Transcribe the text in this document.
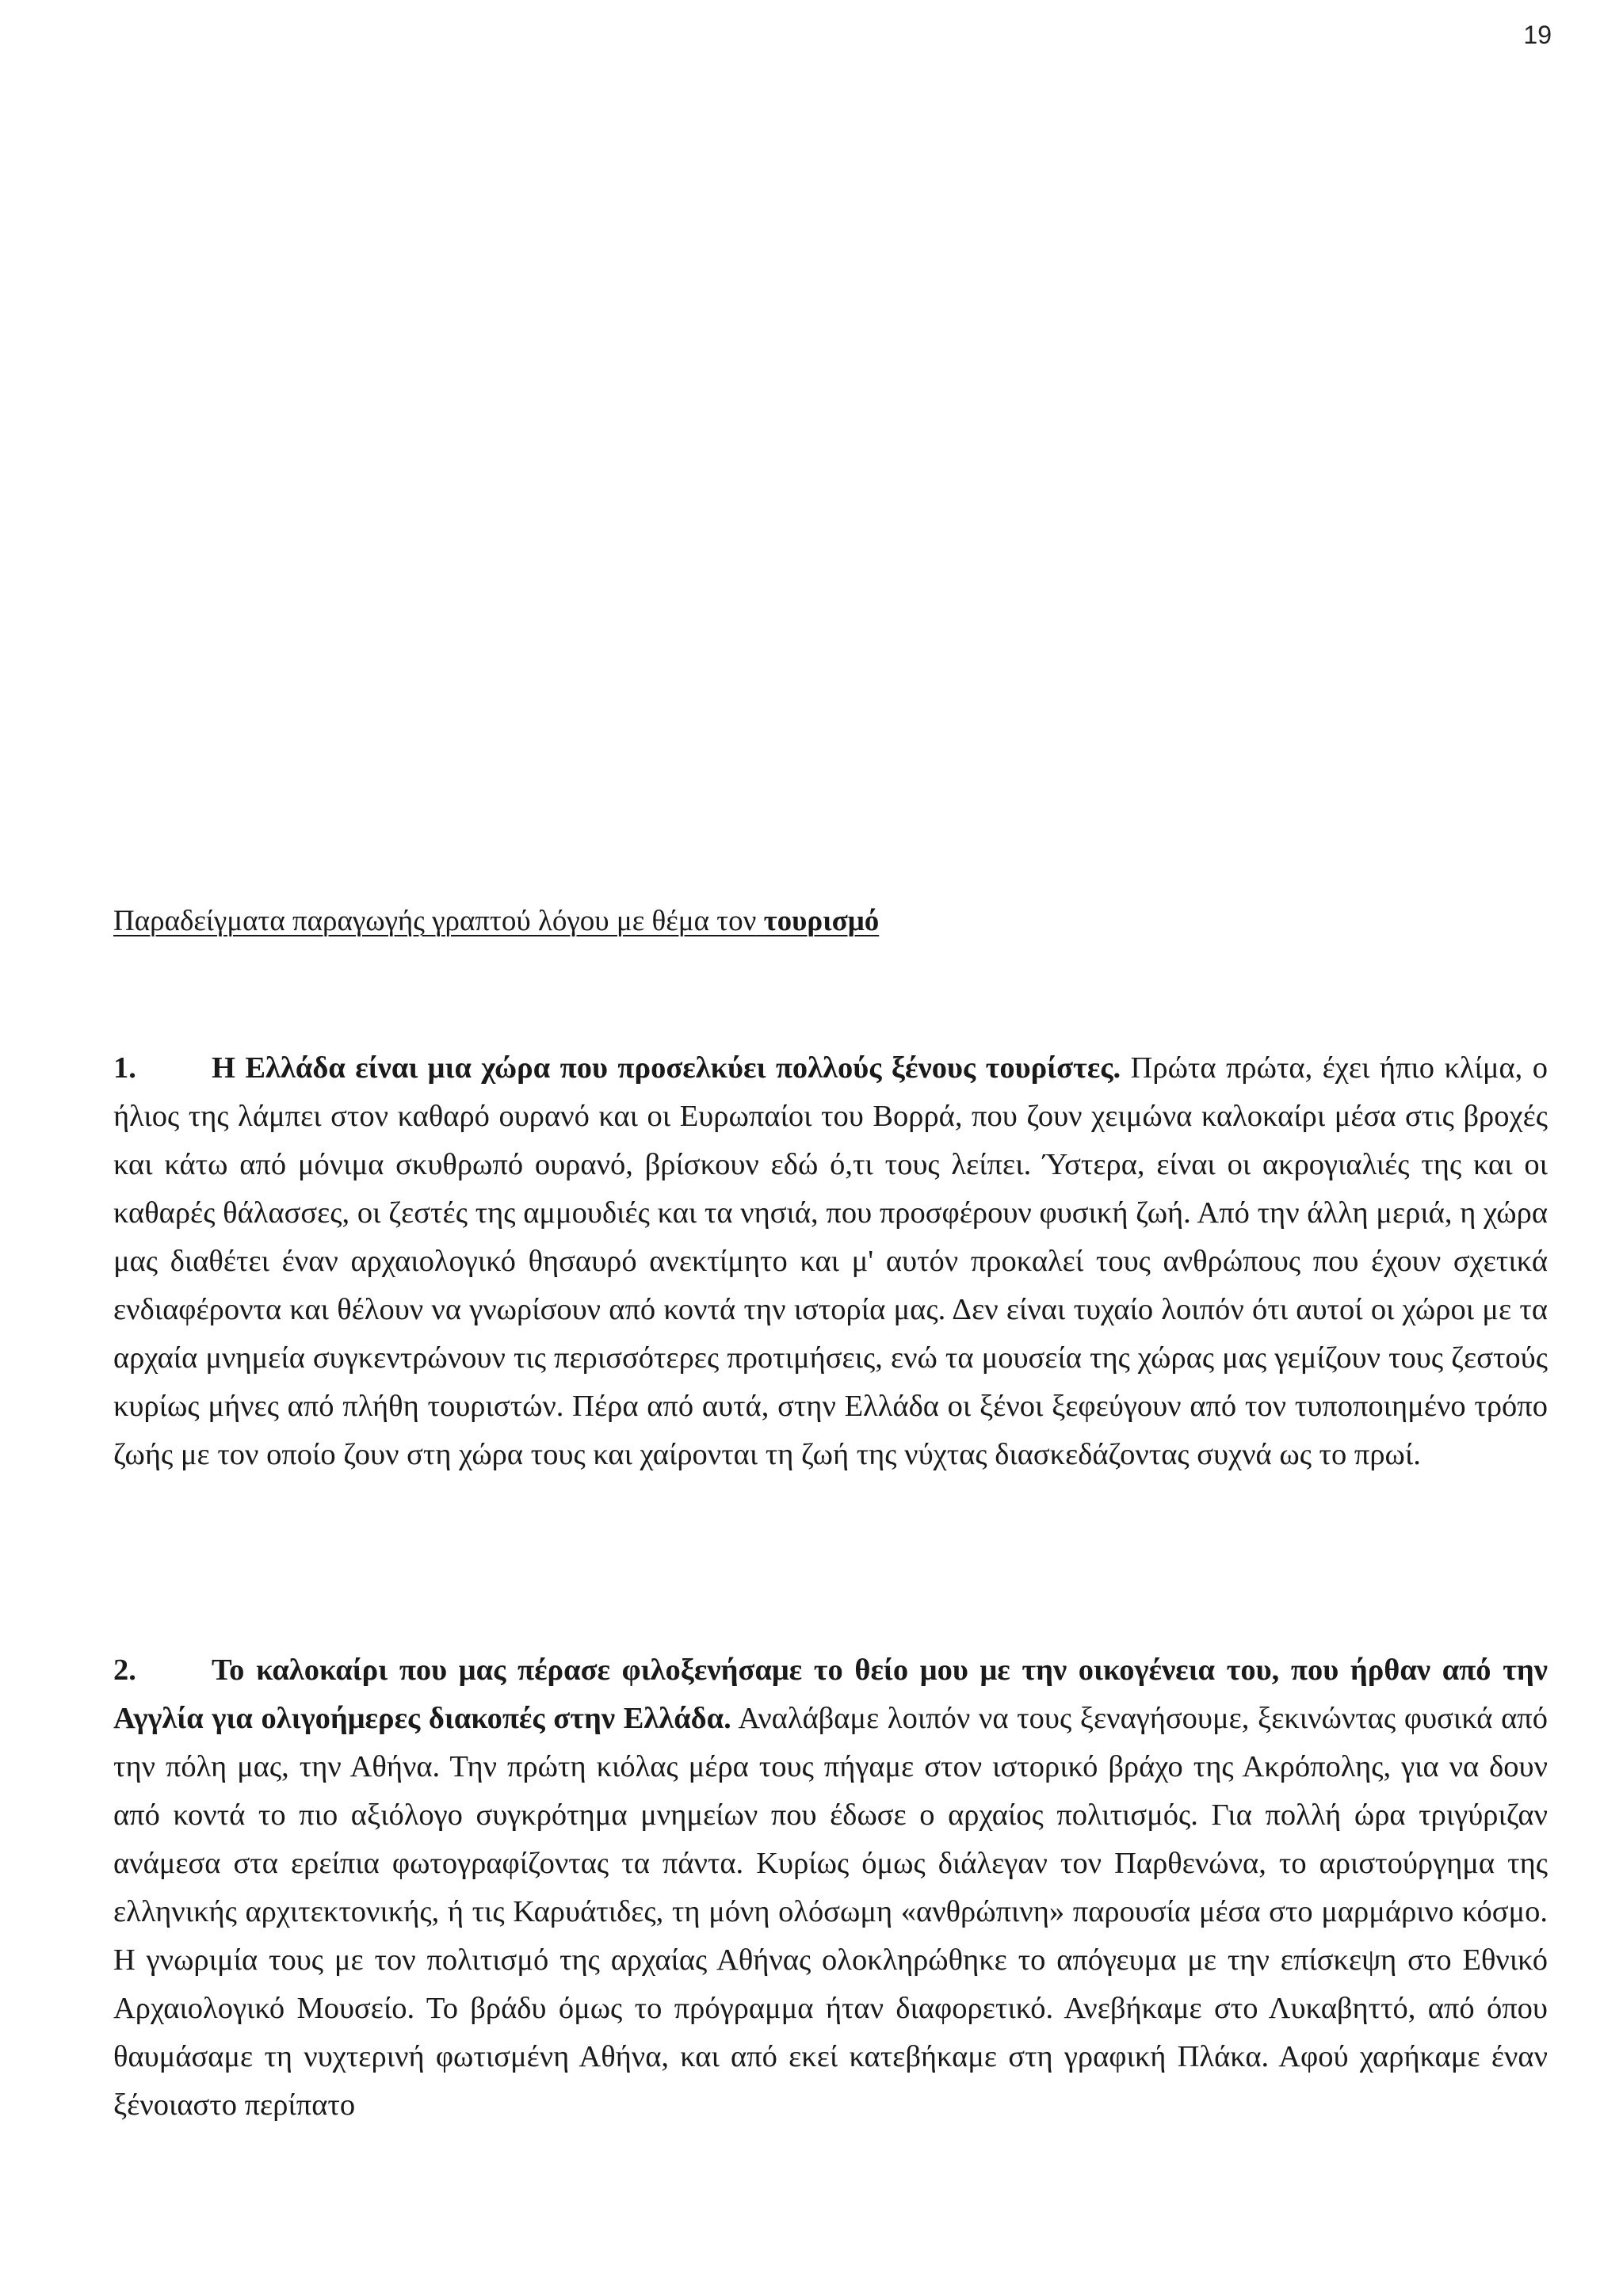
19
Παραδείγματα παραγωγής γραπτού λόγου με θέμα τον τουρισμό

1. Η Ελλάδα είναι μια χώρα που προσελκύει πολλούς ξένους τουρίστες. Πρώτα πρώτα, έχει ήπιο κλίμα, ο ήλιος της λάμπει στον καθαρό ουρανό και οι Ευρωπαίοι του Βορρά, που ζουν χειμώνα καλοκαίρι μέσα στις βροχές και κάτω από μόνιμα σκυθρωπό ουρανό, βρίσκουν εδώ ό,τι τους λείπει. Ύστερα, είναι οι ακρογιαλιές της και οι καθαρές θάλασσες, οι ζεστές της αμμουδιές και τα νησιά, που προσφέρουν φυσική ζωή. Από την άλλη μεριά, η χώρα μας διαθέτει έναν αρχαιολογικό θησαυρό ανεκτίμητο και μ' αυτόν προκαλεί τους ανθρώπους που έχουν σχετικά ενδιαφέροντα και θέλουν να γνωρίσουν από κοντά την ιστορία μας. Δεν είναι τυχαίο λοιπόν ότι αυτοί οι χώροι με τα αρχαία μνημεία συγκεντρώνουν τις περισσότερες προτιμήσεις, ενώ τα μουσεία της χώρας μας γεμίζουν τους ζεστούς κυρίως μήνες από πλήθη τουριστών. Πέρα από αυτά, στην Ελλάδα οι ξένοι ξεφεύγουν από τον τυποποιημένο τρόπο ζωής με τον οποίο ζουν στη χώρα τους και χαίρονται τη ζωή της νύχτας διασκεδάζοντας συχνά ως το πρωί.

2. Το καλοκαίρι που μας πέρασε φιλοξενήσαμε το θείο μου με την οικογένεια του, που ήρθαν από την Αγγλία για ολιγοήμερες διακοπές στην Ελλάδα. Αναλάβαμε λοιπόν να τους ξεναγήσουμε, ξεκινώντας φυσικά από την πόλη μας, την Αθήνα. Την πρώτη κιόλας μέρα τους πήγαμε στον ιστορικό βράχο της Ακρόπολης, για να δουν από κοντά το πιο αξιόλογο συγκρότημα μνημείων που έδωσε ο αρχαίος πολιτισμός. Για πολλή ώρα τριγύριζαν ανάμεσα στα ερείπια φωτογραφίζοντας τα πάντα. Κυρίως όμως διάλεγαν τον Παρθενώνα, το αριστούργημα της ελληνικής αρχιτεκτονικής, ή τις Καρυάτιδες, τη μόνη ολόσωμη «ανθρώπινη» παρουσία μέσα στο μαρμάρινο κόσμο. Η γνωριμία τους με τον πολιτισμό της αρχαίας Αθήνας ολοκληρώθηκε το απόγευμα με την επίσκεψη στο Εθνικό Αρχαιολογικό Μουσείο. Το βράδυ όμως το πρόγραμμα ήταν διαφορετικό. Ανεβήκαμε στο Λυκαβηττό, από όπου θαυμάσαμε τη νυχτερινή φωτισμένη Αθήνα, και από εκεί κατεβήκαμε στη γραφική Πλάκα. Αφού χαρήκαμε έναν ξένοιαστο περίπατο
